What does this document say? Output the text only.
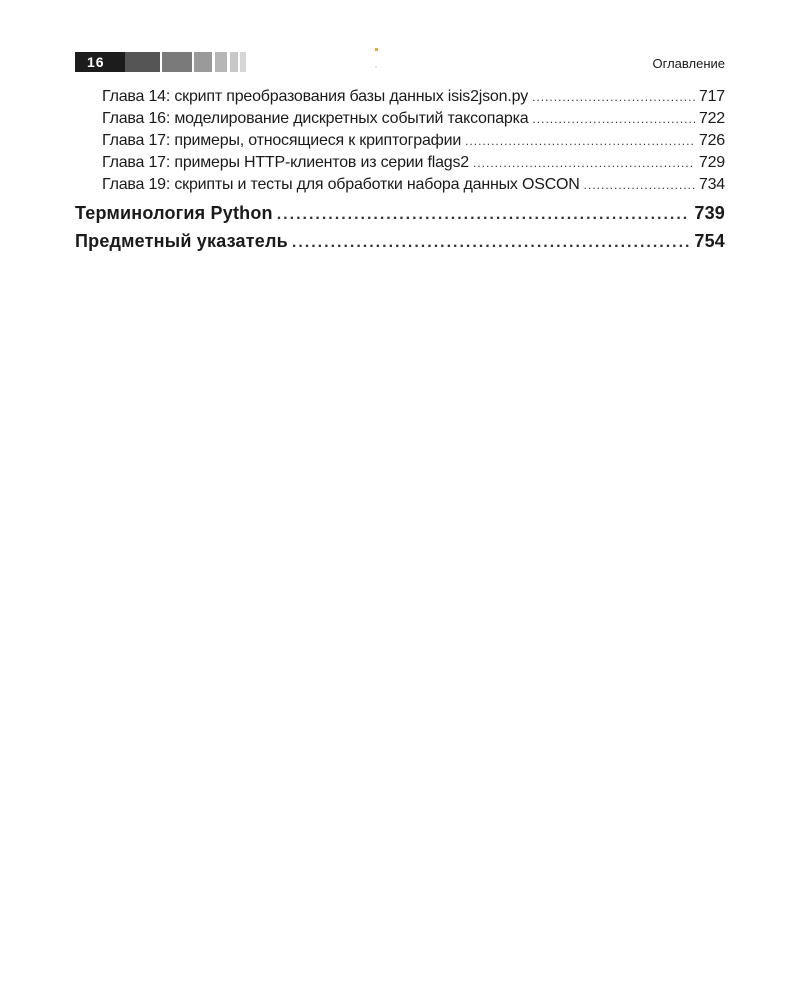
16	Оглавление
Глава 14: скрипт преобразования базы данных isis2json.py .....	717
Глава 16: моделирование дискретных событий таксопарка .....	722
Глава 17: примеры, относящиеся к криптографии .....	726
Глава 17: примеры HTTP-клиентов из серии flags2 .....	729
Глава 19: скрипты и тесты для обработки набора данных OSCON .....	734
Терминология Python .....	739
Предметный указатель .....	754
